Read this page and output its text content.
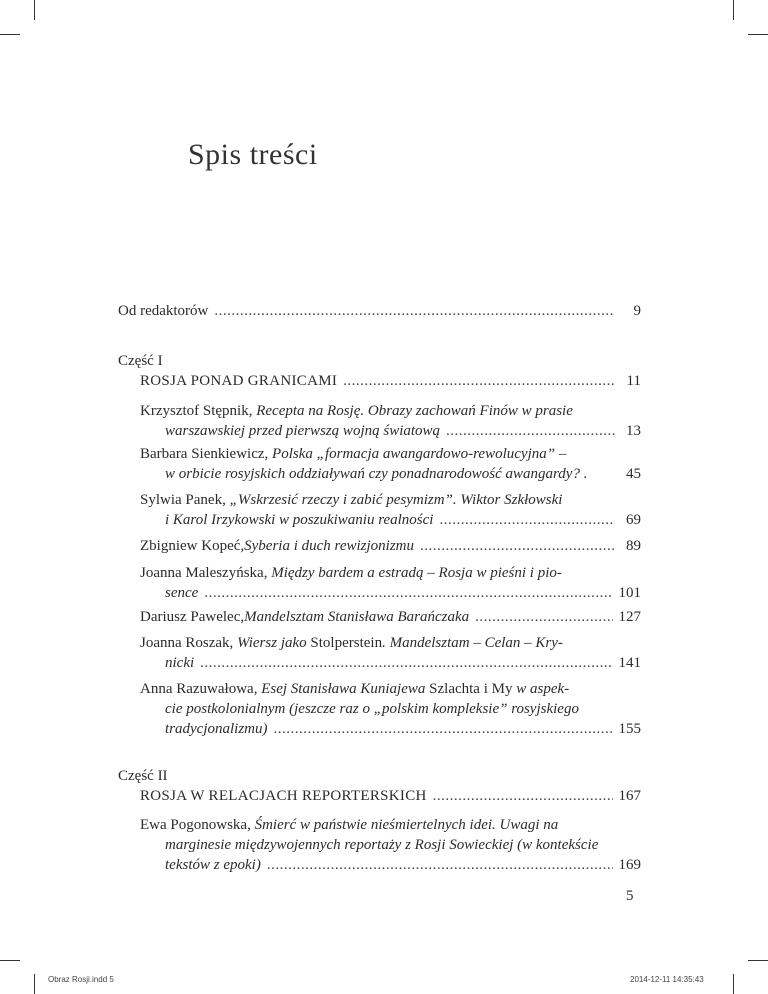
Spis treści
Od redaktorów .....	9
Część I
ROSJA PONAD GRANICAMI .....	11
Krzysztof Stępnik, Recepta na Rosję. Obrazy zachowań Finów w prasie
warszawskiej przed pierwszą wojną światową .....	13
Barbara Sienkiewicz, Polska „formacja awangardowo-rewolucyjna” –
w orbicie rosyjskich oddziaływań czy ponadnarodowość awangardy? .	45
Sylwia Panek, „Wskrzesić rzeczy i zabić pesymizm”. Wiktor Szkłowski
i Karol Irzykowski w poszukiwaniu realności .....	69
Zbigniew Kopeć, Syberia i duch rewizjonizmu .....	89
Joanna Maleszyńska, Między bardem a estradą – Rosja w pieśni i pio-
sence .....	101
Dariusz Pawelec, Mandelsztam Stanisława Barańczaka .....	127
Joanna Roszak, Wiersz jako Stolperstein. Mandelsztam – Celan – Kry-
nicki .....	141
Anna Razuwałowa, Esej Stanisława Kuniajewa Szlachta i My w aspek-
cie postkolonialnym (jeszcze raz o „polskim kompleksie” rosyjskiego
tradycjonalizmu) .....	155
Część II
ROSJA W RELACJACH REPORTERSKICH .....	167
Ewa Pogonowska, Śmierć w państwie nieśmiertelnych idei. Uwagi na
marginesie międzywojennych reportaży z Rosji Sowieckiej (w kontekście
tekstów z epoki) .....	169
5
Obraz Rosji.indd 5	2014-12-11 14:35:43
